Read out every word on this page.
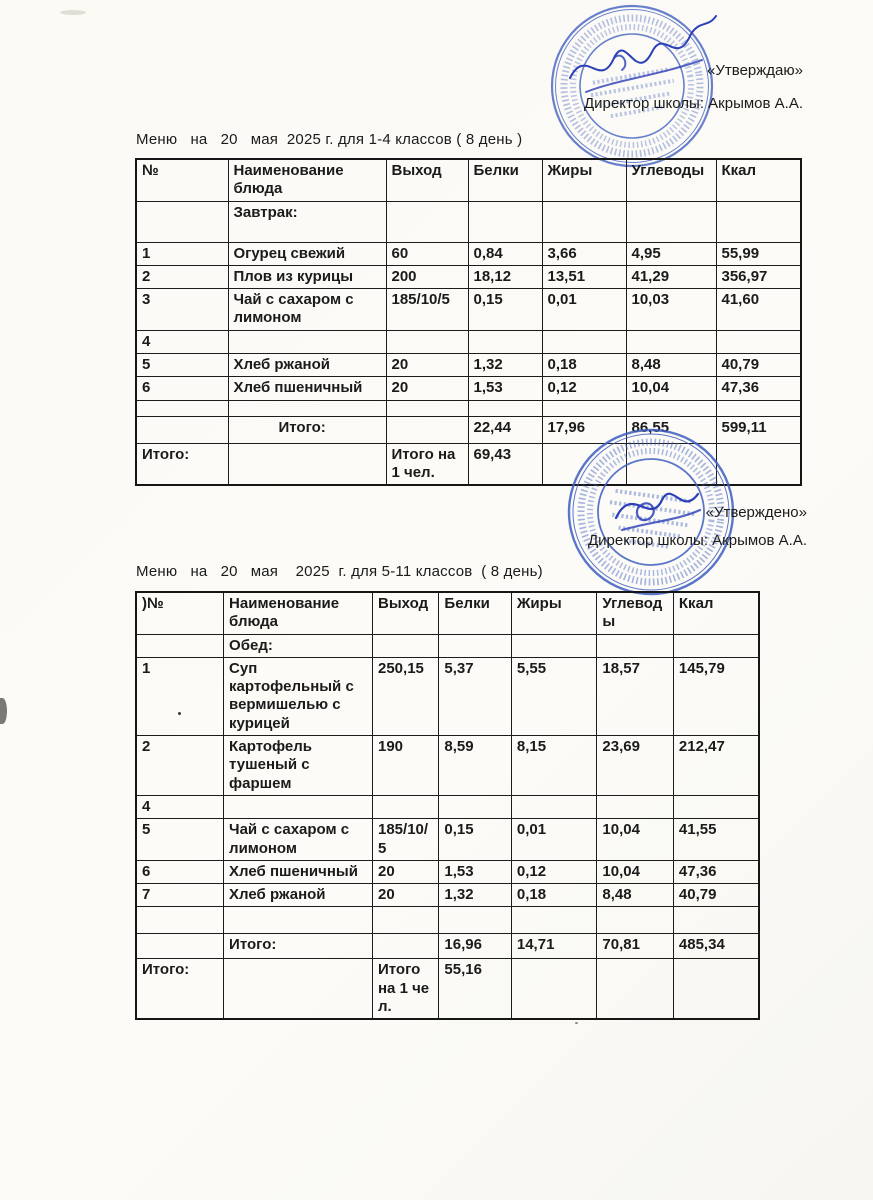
«Утверждаю»
Директор школы: Акрымов А.А.
Меню   на   20   мая  2025 г. для 1-4 классов ( 8 день )
№	Наименование блюда	Выход	Белки	Жиры	Углеводы	Ккал
	Завтрак:					
1	Огурец свежий	60	0,84	3,66	4,95	55,99
2	Плов из курицы	200	18,12	13,51	41,29	356,97
3	Чай с сахаром с лимоном	185/10/5	0,15	0,01	10,03	41,60
4						
5	Хлеб ржаной	20	1,32	0,18	8,48	40,79
6	Хлеб пшеничный	20	1,53	0,12	10,04	47,36

	Итого:		22,44	17,96	86,55	599,11
Итого:		Итого на 1 чел.	69,43			
«Утверждено»
Директор школы: Акрымов А.А.
Меню   на   20   мая    2025  г. для 5-11 классов  ( 8 день)
)№	Наименование блюда	Выход	Белки	Жиры	Углеводы	Ккал
	Обед:					
1	Суп картофельный с вермишелью с курицей	250,15	5,37	5,55	18,57	145,79
2	Картофель тушеный с фаршем	190	8,59	8,15	23,69	212,47
4						
5	Чай с сахаром с лимоном	185/10/5	0,15	0,01	10,04	41,55
6	Хлеб пшеничный	20	1,53	0,12	10,04	47,36
7	Хлеб ржаной	20	1,32	0,18	8,48	40,79

	Итого:		16,96	14,71	70,81	485,34
Итого:		Итого на 1 чел.	55,16			
